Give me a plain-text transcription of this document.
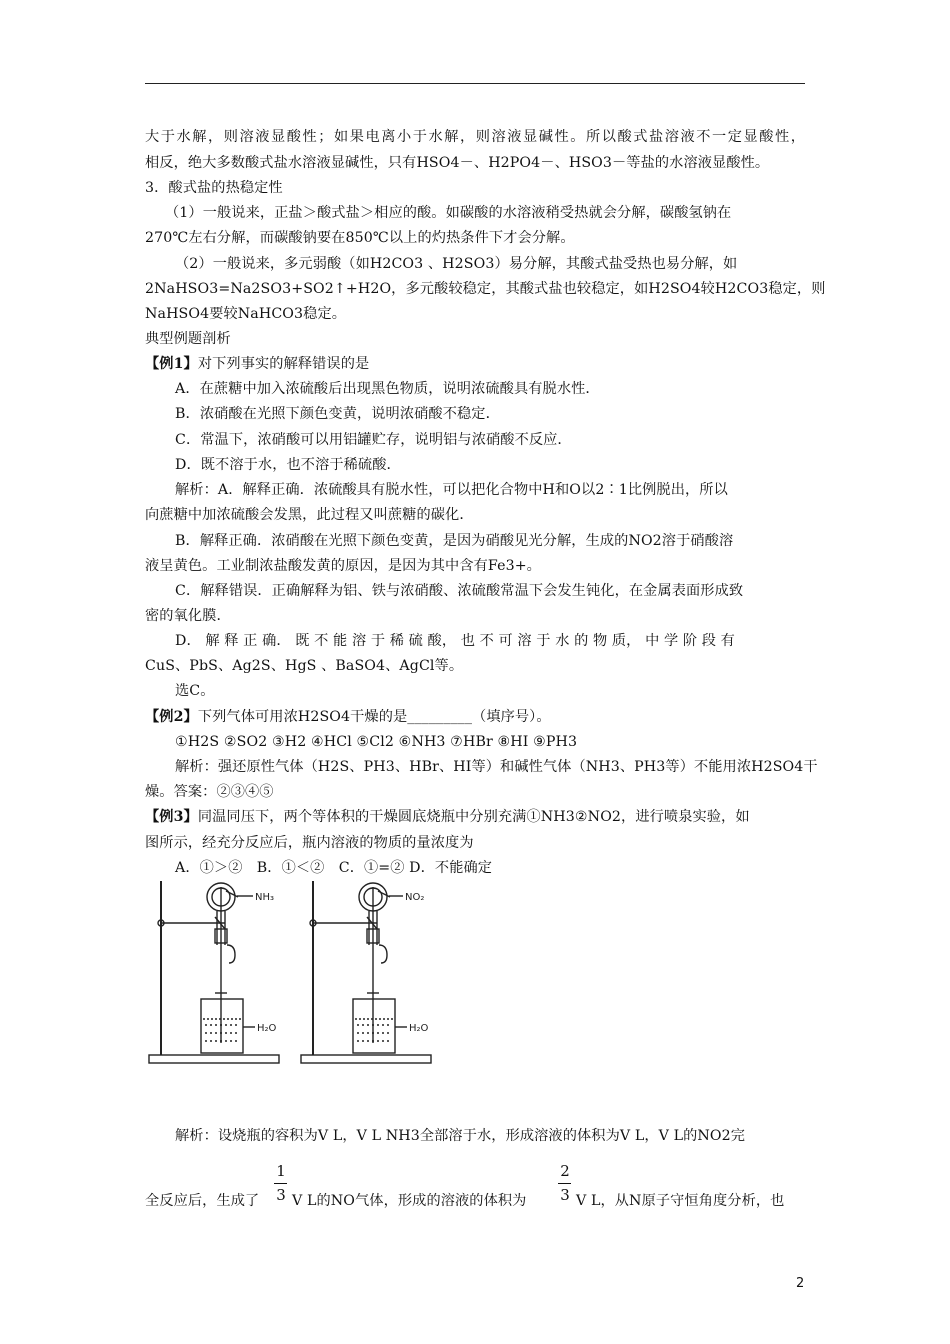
大于水解，则溶液显酸性；如果电离小于水解，则溶液显碱性。所以酸式盐溶液不一定显酸性，
相反，绝大多数酸式盐水溶液显碱性，只有HSO4－、H2PO4－、HSO3－等盐的水溶液显酸性。
3．酸式盐的热稳定性
（1）一般说来，正盐＞酸式盐＞相应的酸。如碳酸的水溶液稍受热就会分解，碳酸氢钠在
270℃左右分解，而碳酸钠要在850℃以上的灼热条件下才会分解。
（2）一般说来，多元弱酸（如H2CO3 、H2SO3）易分解，其酸式盐受热也易分解，如
2NaHSO3=Na2SO3+SO2↑+H2O，多元酸较稳定，其酸式盐也较稳定，如H2SO4较H2CO3稳定，则
NaHSO4要较NaHCO3稳定。
典型例题剖析
【例1】对下列事实的解释错误的是
A．在蔗糖中加入浓硫酸后出现黑色物质，说明浓硫酸具有脱水性．
B．浓硝酸在光照下颜色变黄，说明浓硝酸不稳定．
C．常温下，浓硝酸可以用铝罐贮存，说明铝与浓硝酸不反应．
D．既不溶于水，也不溶于稀硫酸．
解析：A．解释正确．浓硫酸具有脱水性，可以把化合物中H和O以2∶1比例脱出，所以
向蔗糖中加浓硫酸会发黑，此过程又叫蔗糖的碳化．
B．解释正确．浓硝酸在光照下颜色变黄，是因为硝酸见光分解，生成的NO2溶于硝酸溶
液呈黄色。工业制浓盐酸发黄的原因，是因为其中含有Fe3+。
C．解释错误．正确解释为铝、铁与浓硝酸、浓硫酸常温下会发生钝化，在金属表面形成致
密的氧化膜．
D． 解 释 正 确． 既 不 能 溶 于 稀 硫 酸， 也 不 可 溶 于 水 的 物 质， 中 学 阶 段 有
CuS、PbS、Ag2S、HgS 、BaSO4、AgCl等。
选C。
【例2】下列气体可用浓H2SO4干燥的是_________（填序号）。
①H2S ②SO2 ③H2 ④HCl ⑤Cl2 ⑥NH3 ⑦HBr ⑧HI ⑨PH3
解析：强还原性气体（H2S、PH3、HBr、HI等）和碱性气体（NH3、PH3等）不能用浓H2SO4干
燥。答案：②③④⑤
【例3】同温同压下，两个等体积的干燥圆底烧瓶中分别充满①NH3②NO2，进行喷泉实验，如
图所示，经充分反应后，瓶内溶液的物质的量浓度为
A．①＞②　B．①＜②　C．①=② D．不能确定
NH₃
H₂O
NO₂
H₂O
解析：设烧瓶的容积为V L，V L NH3全部溶于水，形成溶液的体积为V L，V L的NO2完
1
3
2
3
全反应后，生成了 V L的NO气体，形成的溶液的体积为	V L，从N原子守恒角度分析，也
2
